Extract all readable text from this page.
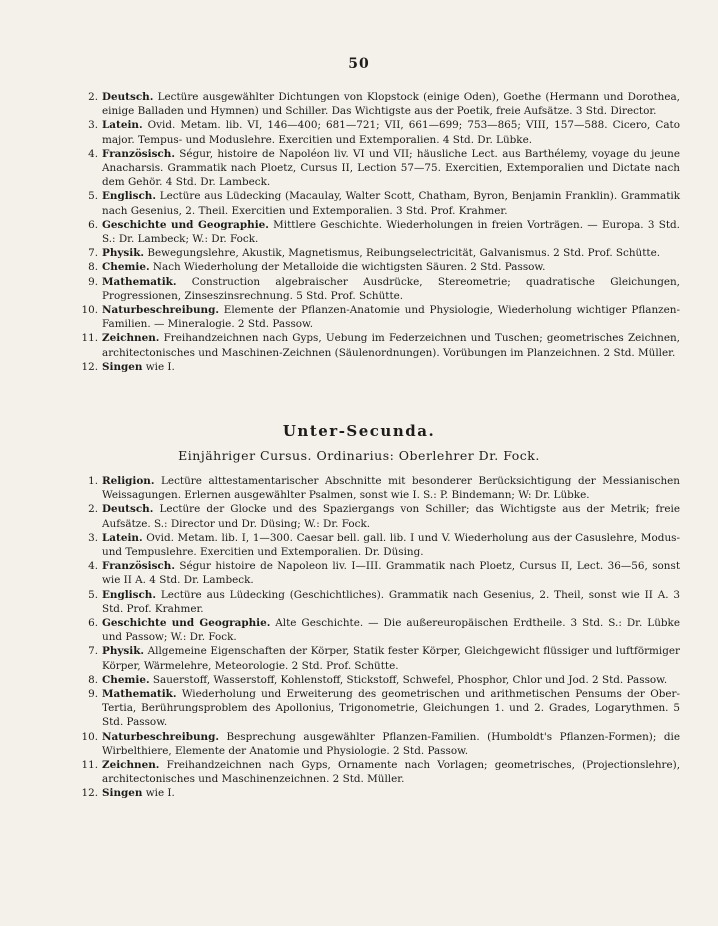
50
2. Deutsch. Lectüre ausgewählter Dichtungen von Klopstock (einige Oden), Goethe (Hermann und Dorothea, einige Balladen und Hymnen) und Schiller. Das Wichtigste aus der Poetik, freie Aufsätze. 3 Std. Director.
3. Latein. Ovid. Metam. lib. VI, 146—400; 681—721; VII, 661—699; 753—865; VIII, 157—588. Cicero, Cato major. Tempus- und Moduslehre. Exercitien und Extemporalien. 4 Std. Dr. Lübke.
4. Französisch. Ségur, histoire de Napoléon liv. VI und VII; häusliche Lect. aus Barthélemy, voyage du jeune Anacharsis. Grammatik nach Ploetz, Cursus II, Lection 57—75. Exercitien, Extemporalien und Dictate nach dem Gehör. 4 Std. Dr. Lambeck.
5. Englisch. Lectüre aus Lüdecking (Macaulay, Walter Scott, Chatham, Byron, Benjamin Franklin). Grammatik nach Gesenius, 2. Theil. Exercitien und Extemporalien. 3 Std. Prof. Krahmer.
6. Geschichte und Geographie. Mittlere Geschichte. Wiederholungen in freien Vorträgen. — Europa. 3 Std. S.: Dr. Lambeck; W.: Dr. Fock.
7. Physik. Bewegungslehre, Akustik, Magnetismus, Reibungselectricität, Galvanismus. 2 Std. Prof. Schütte.
8. Chemie. Nach Wiederholung der Metalloide die wichtigsten Säuren. 2 Std. Passow.
9. Mathematik. Construction algebraischer Ausdrücke, Stereometrie; quadratische Gleichungen, Progressionen, Zinseszinsrechnung. 5 Std. Prof. Schütte.
10. Naturbeschreibung. Elemente der Pflanzen-Anatomie und Physiologie, Wiederholung wichtiger Pflanzen-Familien. — Mineralogie. 2 Std. Passow.
11. Zeichnen. Freihandzeichnen nach Gyps, Uebung im Federzeichnen und Tuschen; geometrisches Zeichnen, architectonisches und Maschinen-Zeichnen (Säulenordnungen). Vorübungen im Planzeichnen. 2 Std. Müller.
12. Singen wie I.
Unter-Secunda.
Einjähriger Cursus. Ordinarius: Oberlehrer Dr. Fock.
1. Religion. Lectüre alttestamentarischer Abschnitte mit besonderer Berücksichtigung der Messianischen Weissagungen. Erlernen ausgewählter Psalmen, sonst wie I. S.: P. Bindemann; W: Dr. Lübke.
2. Deutsch. Lectüre der Glocke und des Spaziergangs von Schiller; das Wichtigste aus der Metrik; freie Aufsätze. S.: Director und Dr. Düsing; W.: Dr. Fock.
3. Latein. Ovid. Metam. lib. I, 1—300. Caesar bell. gall. lib. I und V. Wiederholung aus der Casuslehre, Modus- und Tempuslehre. Exercitien und Extemporalien. Dr. Düsing.
4. Französisch. Ségur histoire de Napoleon liv. I—III. Grammatik nach Ploetz, Cursus II, Lect. 36—56, sonst wie II A. 4 Std. Dr. Lambeck.
5. Englisch. Lectüre aus Lüdecking (Geschichtliches). Grammatik nach Gesenius, 2. Theil, sonst wie II A. 3 Std. Prof. Krahmer.
6. Geschichte und Geographie. Alte Geschichte. — Die außereuropäischen Erdtheile. 3 Std. S.: Dr. Lübke und Passow; W.: Dr. Fock.
7. Physik. Allgemeine Eigenschaften der Körper, Statik fester Körper, Gleichgewicht flüssiger und luftförmiger Körper, Wärmelehre, Meteorologie. 2 Std. Prof. Schütte.
8. Chemie. Sauerstoff, Wasserstoff, Kohlenstoff, Stickstoff, Schwefel, Phosphor, Chlor und Jod. 2 Std. Passow.
9. Mathematik. Wiederholung und Erweiterung des geometrischen und arithmetischen Pensums der Ober-Tertia, Berührungsproblem des Apollonius, Trigonometrie, Gleichungen 1. und 2. Grades, Logarythmen. 5 Std. Passow.
10. Naturbeschreibung. Besprechung ausgewählter Pflanzen-Familien. (Humboldt's Pflanzen-Formen); die Wirbelthiere, Elemente der Anatomie und Physiologie. 2 Std. Passow.
11. Zeichnen. Freihandzeichnen nach Gyps, Ornamente nach Vorlagen; geometrisches, (Projectionslehre), architectonisches und Maschinenzeichnen. 2 Std. Müller.
12. Singen wie I.
